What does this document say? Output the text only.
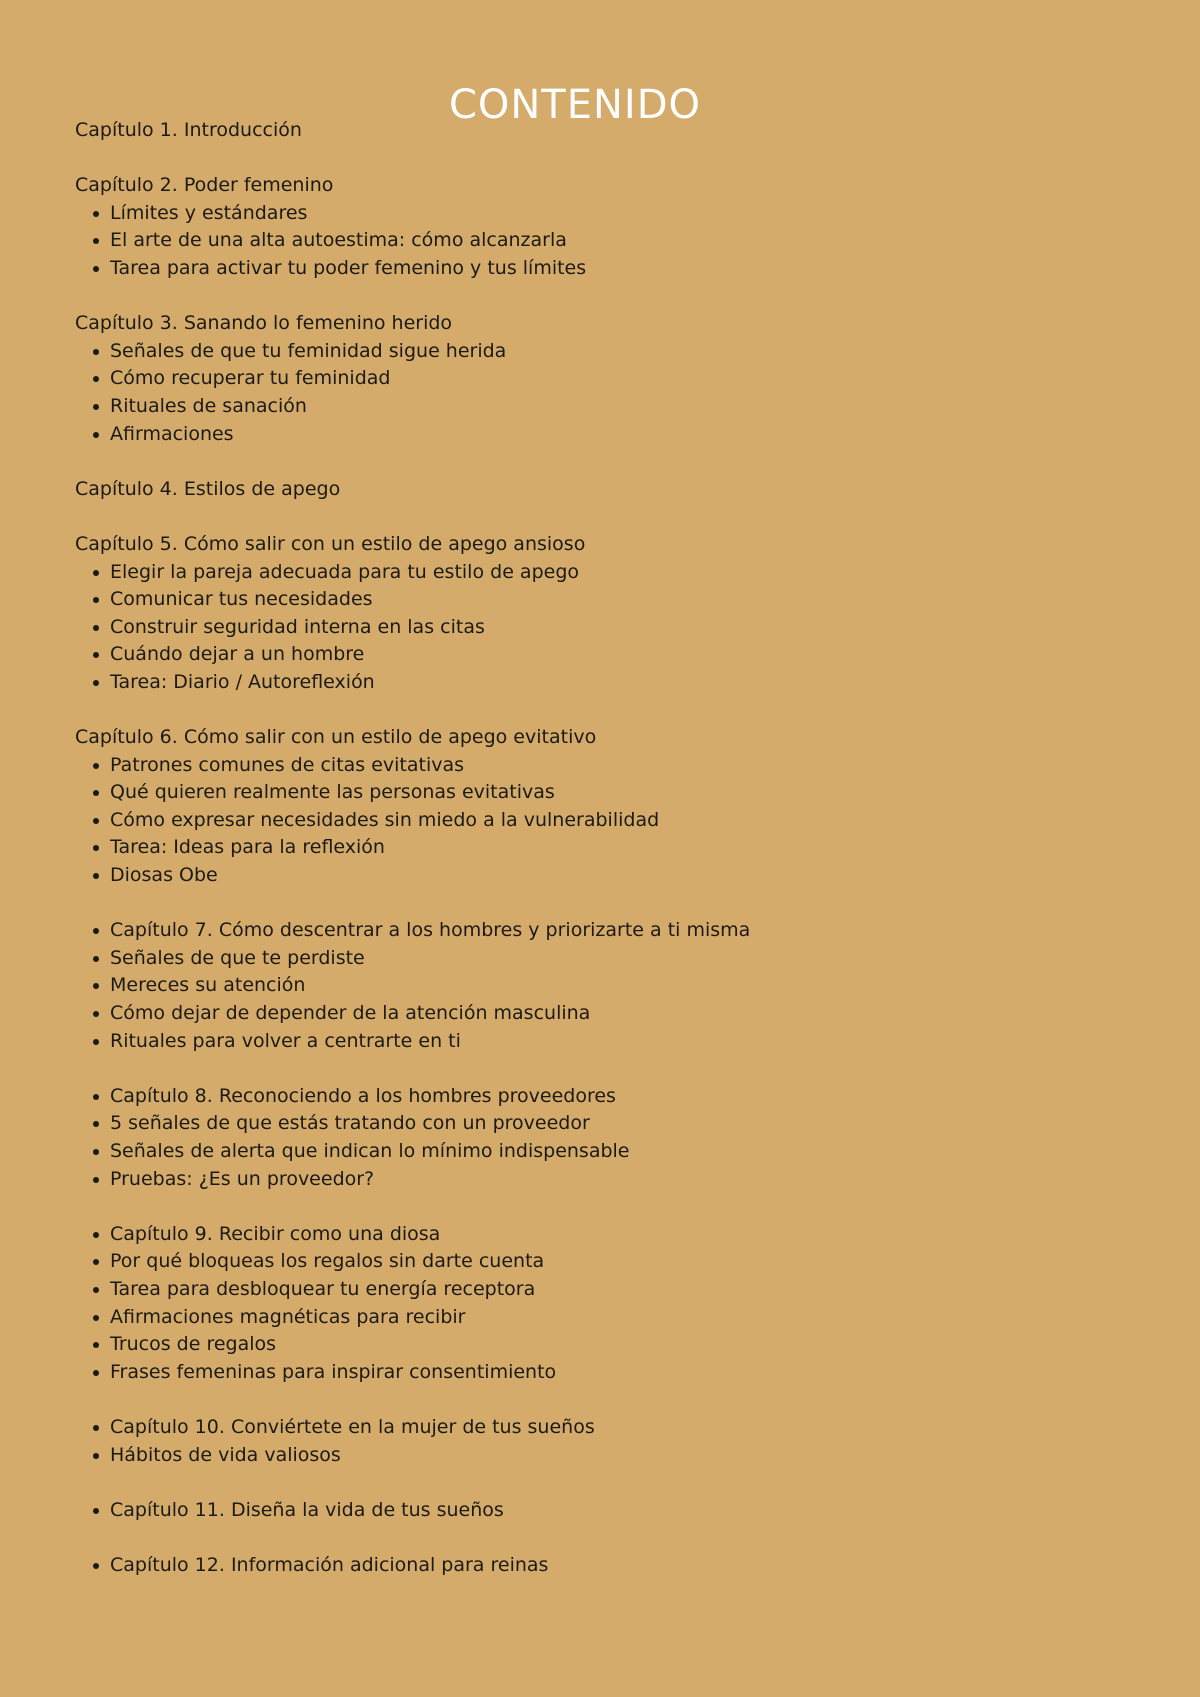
CONTENIDO
Capítulo 1. Introducción
Capítulo 2. Poder femenino
Límites y estándares
El arte de una alta autoestima: cómo alcanzarla
Tarea para activar tu poder femenino y tus límites
Capítulo 3. Sanando lo femenino herido
Señales de que tu feminidad sigue herida
Cómo recuperar tu feminidad
Rituales de sanación
Afirmaciones
Capítulo 4. Estilos de apego
Capítulo 5. Cómo salir con un estilo de apego ansioso
Elegir la pareja adecuada para tu estilo de apego
Comunicar tus necesidades
Construir seguridad interna en las citas
Cuándo dejar a un hombre
Tarea: Diario / Autoreflexión
Capítulo 6. Cómo salir con un estilo de apego evitativo
Patrones comunes de citas evitativas
Qué quieren realmente las personas evitativas
Cómo expresar necesidades sin miedo a la vulnerabilidad
Tarea: Ideas para la reflexión
Diosas Obe
Capítulo 7. Cómo descentrar a los hombres y priorizarte a ti misma
Señales de que te perdiste
Mereces su atención
Cómo dejar de depender de la atención masculina
Rituales para volver a centrarte en ti
Capítulo 8. Reconociendo a los hombres proveedores
5 señales de que estás tratando con un proveedor
Señales de alerta que indican lo mínimo indispensable
Pruebas: ¿Es un proveedor?
Capítulo 9. Recibir como una diosa
Por qué bloqueas los regalos sin darte cuenta
Tarea para desbloquear tu energía receptora
Afirmaciones magnéticas para recibir
Trucos de regalos
Frases femeninas para inspirar consentimiento
Capítulo 10. Conviértete en la mujer de tus sueños
Hábitos de vida valiosos
Capítulo 11. Diseña la vida de tus sueños
Capítulo 12. Información adicional para reinas
